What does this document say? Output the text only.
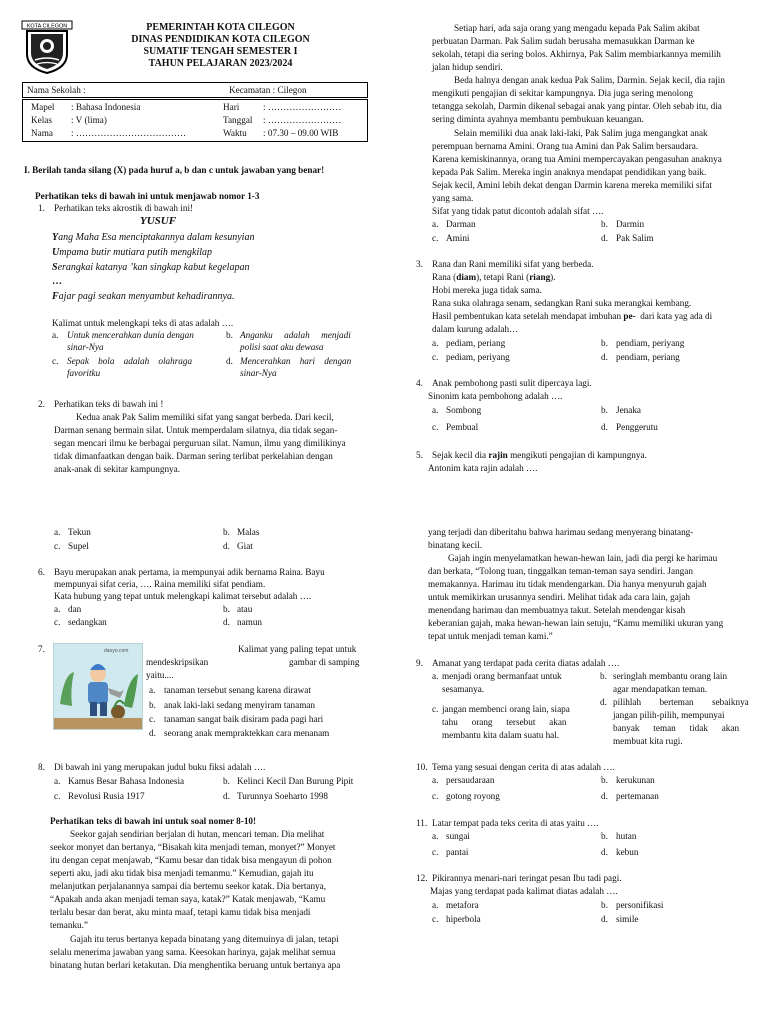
KOTA CILEGON	PEMERINTAH KOTA CILEGON
DINAS PENDIDIKAN KOTA CILEGON
SUMATIF TENGAH SEMESTER I
TAHUN PELAJARAN 2023/2024
Nama Sekolah :	Kecamatan : Cilegon
Mapel : Bahasa Indonesia
Kelas : V (lima)
Nama : ………………………………
Hari	: ……………………
Tanggal : ……………………
Waktu : 07.30 – 09.00 WIB
I. Berilah tanda silang (X) pada huruf a, b dan c untuk jawaban yang benar!
Perhatikan teks di bawah ini untuk menjawab nomor 1-3
1. Perhatikan teks akrostik di bawah ini!
YUSUF
Yang Maha Esa menciptakannya dalam kesunyian
Umpama butir mutiara putih mengkilap
Serangkai katanya ’kan singkap kabut kegelapan
…
Fajar pagi seakan menyambut kehadirannya.
Kalimat untuk melengkapi teks di atas adalah ….
a. Untuk mencerahkan dunia dengan
sinar-Nya
b. Anganku     adalah     menjadi
polisi saat aku dewasa
c. Sepak    bola    adalah    olahraga
favoritku
d. Mencerahkan    hari    dengan
sinar-Nya
2. Perhatikan teks di bawah ini !
Kedua anak Pak Salim memiliki sifat yang sangat berbeda. Dari kecil,
Darman senang bermain silat. Untuk memperdalam silatnya, dia tidak segan-
segan mencari ilmu ke berbagai perguruan silat. Namun, ilmu yang dimilikinya
tidak dimanfaatkan dengan baik. Darman sering terlibat perkelahian dengan
anak-anak di sekitar kampungnya.
a. Tekun	b. Malas
c. Supel	d. Giat
6. Bayu merupakan anak pertama, ia mempunyai adik bernama Raina. Bayu
mempunyai sifat ceria, …. Raina memiliki sifat pendiam.
Kata hubung yang tepat untuk melengkapi kalimat tersebut adalah ….
a. dan	b. atau
c. sedangkan	d. namun
7.	daoyo.com	Kalimat yang paling tepat untuk
mendeskripsikan	gambar di samping
yaitu....
a. tanaman tersebut senang karena dirawat
b. anak laki-laki sedang menyiram tanaman
c. tanaman sangat baik disiram pada pagi hari
d. seorang anak mempraktekkan cara menanam
8. Di bawah ini yang merupakan judul buku fiksi adalah ….
a. Kamus Besar Bahasa Indonesia	b. Kelinci Kecil Dan Burung Pipit
c. Revolusi Rusia 1917	d. Turunnya Soeharto 1998
Perhatikan teks di bawah ini untuk soal nomer 8-10!
Seekor gajah sendirian berjalan di hutan, mencari teman. Dia melihat
seekor monyet dan bertanya, “Bisakah kita menjadi teman, monyet?” Monyet
itu dengan cepat menjawab, “Kamu besar dan tidak bisa mengayun di pohon
seperti aku, jadi aku tidak bisa menjadi temanmu.” Kemudian, gajah itu
melanjutkan perjalanannya sampai dia bertemu seekor katak. Dia bertanya,
“Apakah anda akan menjadi teman saya, katak?” Katak menjawab, “Kamu
terlalu besar dan berat, aku minta maaf, tetapi kamu tidak bisa menjadi
temanku.”
Gajah itu terus bertanya kepada binatang yang ditemuinya di jalan, tetapi
selalu menerima jawaban yang sama. Keesokan harinya, gajak melihat semua
binatang hutan berlari ketakutan. Dia menghentika beruang untuk bertanya apa
Setiap hari, ada saja orang yang mengadu kepada Pak Salim akibat
perbuatan Darman. Pak Salim sudah berusaha memasukkan Darman ke
sekolah, tetapi dia sering bolos. Akhirnya, Pak Salim membiarkannya memilih
jalan hidup sendiri.
Beda halnya dengan anak kedua Pak Salim, Darmin. Sejak kecil, dia rajin
mengikuti pengajian di sekitar kampungnya. Dia juga sering menolong
tetangga sekolah, Darmin dikenal sebagai anak yang pintar. Oleh sebab itu, dia
sering diminta ayahnya membantu pembukuan keuangan.
Selain memiliki dua anak laki-laki, Pak Salim juga mengangkat anak
perempuan bernama Amini. Orang tua Amini dan Pak Salim bersaudara.
Karena kemiskinannya, orang tua Amini mempercayakan pengasuhan anaknya
kepada Pak Salim. Mereka ingin anaknya mendapat pendidikan yang baik.
Sejak kecil, Amini lebih dekat dengan Darmin karena mereka memiliki sifat
yang sama.
Sifat yang tidak patut dicontoh adalah sifat ….
a. Darman	b. Darmin
c. Amini	d. Pak Salim
3. Rana dan Rani memiliki sifat yang berbeda.
Rana (diam), tetapi Rani (riang).
Hobi mereka juga tidak sama.
Rana suka olahraga senam, sedangkan Rani suka merangkai kembang.
Hasil pembentukan kata setelah mendapat imbuhan pe-  dari kata yag ada di
dalam kurung adalah…
a. pediam, periang	b. pendiam, periyang
c. pediam, periyang	d. pendiam, periang
4. Anak pembohong pasti sulit dipercaya lagi.
Sinonim kata pembohong adalah ….
a. Sombong	b. Jenaka
c. Pembual	d. Penggerutu
5. Sejak kecil dia rajin mengikuti pengajian di kampungnya.
Antonim kata rajin adalah ….
yang terjadi dan diberitahu bahwa harimau sedang menyerang binatang-
binatang kecil.
Gajah ingin menyelamatkan hewan-hewan lain, jadi dia pergi ke harimau
dan berkata, “Tolong tuan, tinggalkan teman-teman saya sendiri. Jangan
memakannya. Harimau itu tidak mendengarkan. Dia hanya menyuruh gajah
untuk memikirkan urusannya sendiri. Melihat tidak ada cara lain, gajah
menendang harimau dan membuatnya takut. Setelah mendengar kisah
keberanian gajah, maka hewan-hewan lain setuju, “Kamu memiliki ukuran yang
tepat untuk menjadi teman kami.”
9. Amanat yang terdapat pada cerita diatas adalah ….
a. menjadi orang bermanfaat untuk
sesamanya.
b. seringlah membantu orang lain
agar mendapatkan teman.
c. jangan membenci orang lain, siapa
tahu      orang      tersebut      akan
membantu kita dalam suatu hal.
d. pilihlah        berteman        sebaiknya
jangan pilih-pilih, mempunyai
banyak      teman      tidak      akan
membuat kita rugi.
10. Tema yang sesuai dengan cerita di atas adalah ….
a. persaudaraan	b. kerukunan
c. gotong royong	d. pertemanan
11. Latar tempat pada teks cerita di atas yaitu ….
a. sungai	b. hutan
c. pantai	d. kebun
12. Pikirannya menari-nari teringat pesan Ibu tadi pagi.
Majas yang terdapat pada kalimat diatas adalah ….
a. metafora	b. personifikasi
c. hiperbola	d. simile
